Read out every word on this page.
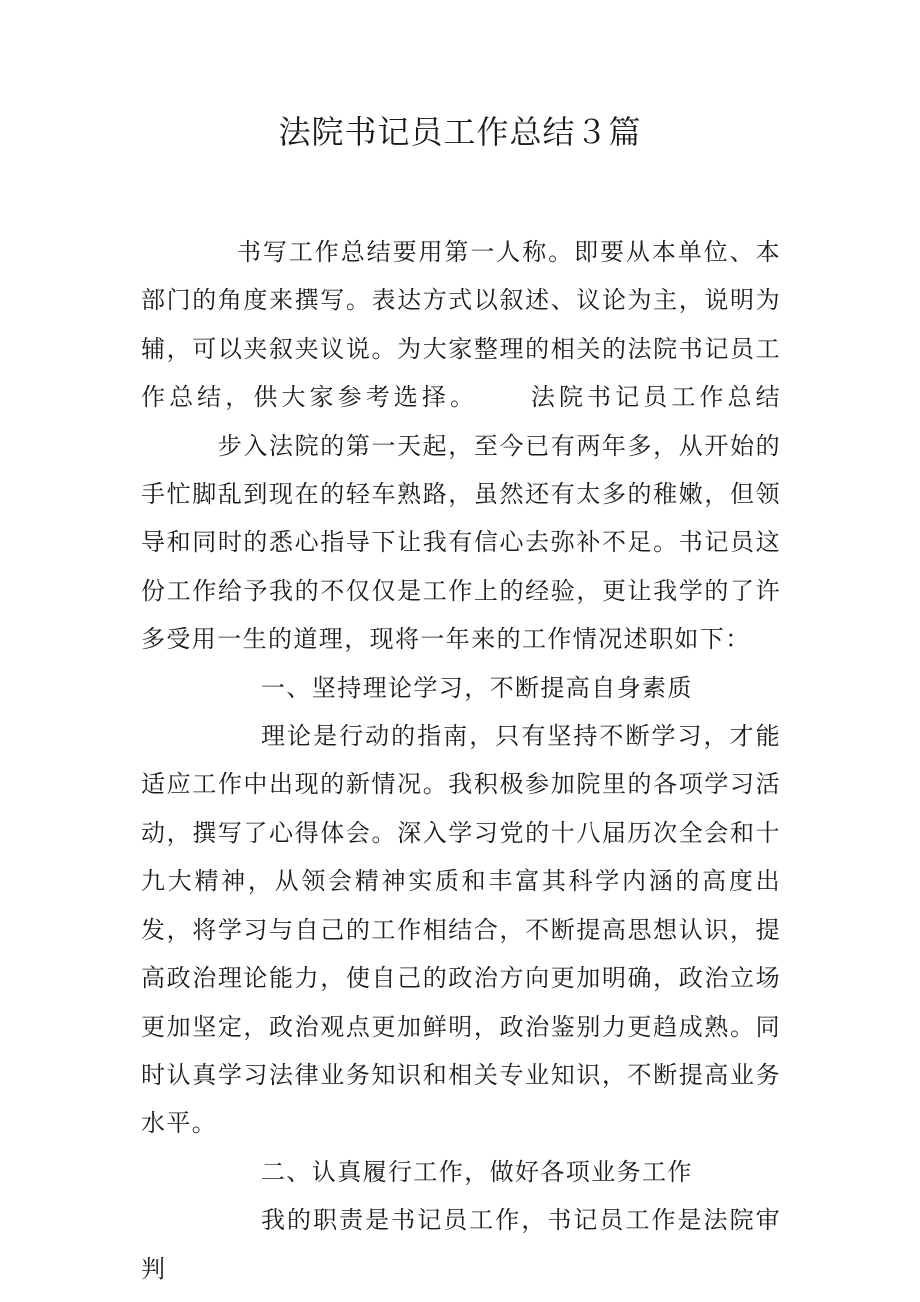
法院书记员工作总结３篇

书写工作总结要用第一人称。即要从本单位、本部门的角度来撰写。表达方式以叙述、议论为主，说明为辅，可以夹叙夹议说。为大家整理的相关的法院书记员工作总结，供大家参考选择。 法院书记员工作总结步入法院的第一天起，至今已有两年多，从开始的手忙脚乱到现在的轻车熟路，虽然还有太多的稚嫩，但领导和同时的悉心指导下让我有信心去弥补不足。书记员这份工作给予我的不仅仅是工作上的经验，更让我学的了许多受用一生的道理，现将一年来的工作情况述职如下：

一、坚持理论学习，不断提高自身素质

理论是行动的指南，只有坚持不断学习，才能适应工作中出现的新情况。我积极参加院里的各项学习活动，撰写了心得体会。深入学习党的十八届历次全会和十九大精神，从领会精神实质和丰富其科学内涵的高度出发，将学习与自己的工作相结合，不断提高思想认识，提高政治理论能力，使自己的政治方向更加明确，政治立场更加坚定，政治观点更加鲜明，政治鉴别力更趋成熟。同时认真学习法律业务知识和相关专业知识，不断提高业务水平。

二、认真履行工作，做好各项业务工作

我的职责是书记员工作，书记员工作是法院审判
